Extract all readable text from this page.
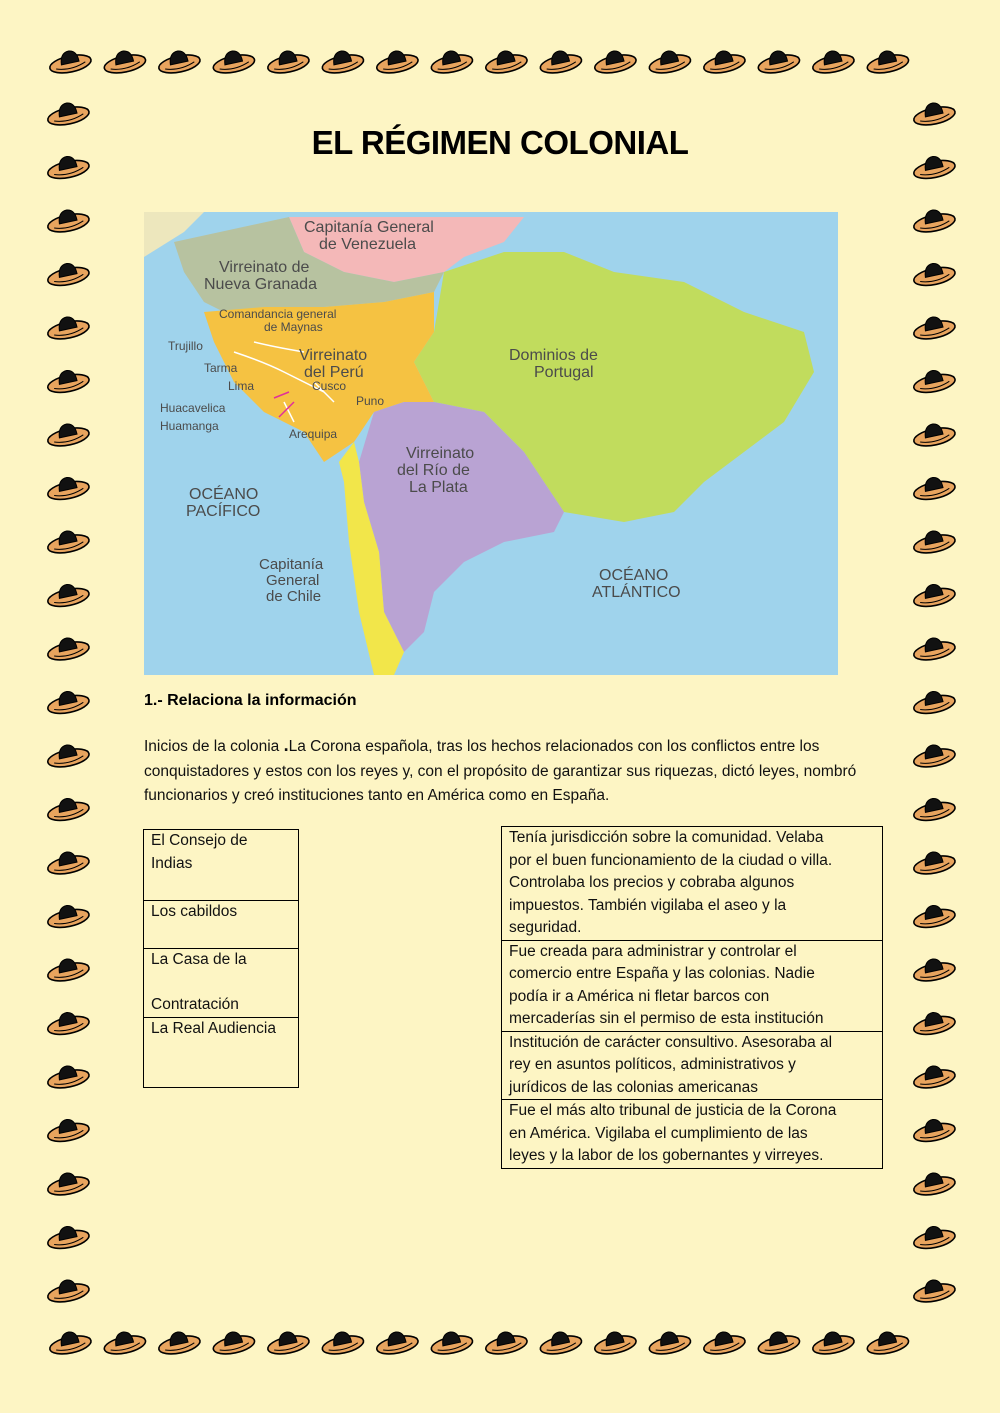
EL RÉGIMEN COLONIAL
Capitanía General de Venezuela
Virreinato de Nueva Granada
Comandancia general de Maynas
Virreinato del Perú
Dominios de Portugal
Virreinato del Río de La Plata
OCÉANO PACÍFICO
OCÉANO ATLÁNTICO
Capitanía General de Chile
Trujillo
Tarma
Lima	Cusco
Puno
Huacavelica
Huamanga
Arequipa
1.- Relaciona la información
Inicios de la colonia .La Corona española, tras los hechos relacionados con los conflictos entre los conquistadores y estos con los reyes y, con el propósito de garantizar sus riquezas, dictó leyes, nombró funcionarios y creó instituciones tanto en América como en España.
El Consejo de
Indias
Los cabildos
La Casa de la

Contratación
La Real Audiencia
Tenía jurisdicción sobre la comunidad. Velaba
por el buen funcionamiento de la ciudad o villa.
Controlaba los precios y cobraba algunos
impuestos. También vigilaba el aseo y la
seguridad.
Fue creada para administrar y controlar el
comercio entre España y las colonias. Nadie
podía ir a América ni fletar barcos con
mercaderías sin el permiso de esta institución
Institución de carácter consultivo. Asesoraba al
rey en asuntos políticos, administrativos y
jurídicos de las colonias americanas
Fue el más alto tribunal de justicia de la Corona
en América. Vigilaba el cumplimiento de las
leyes y la labor de los gobernantes y virreyes.
